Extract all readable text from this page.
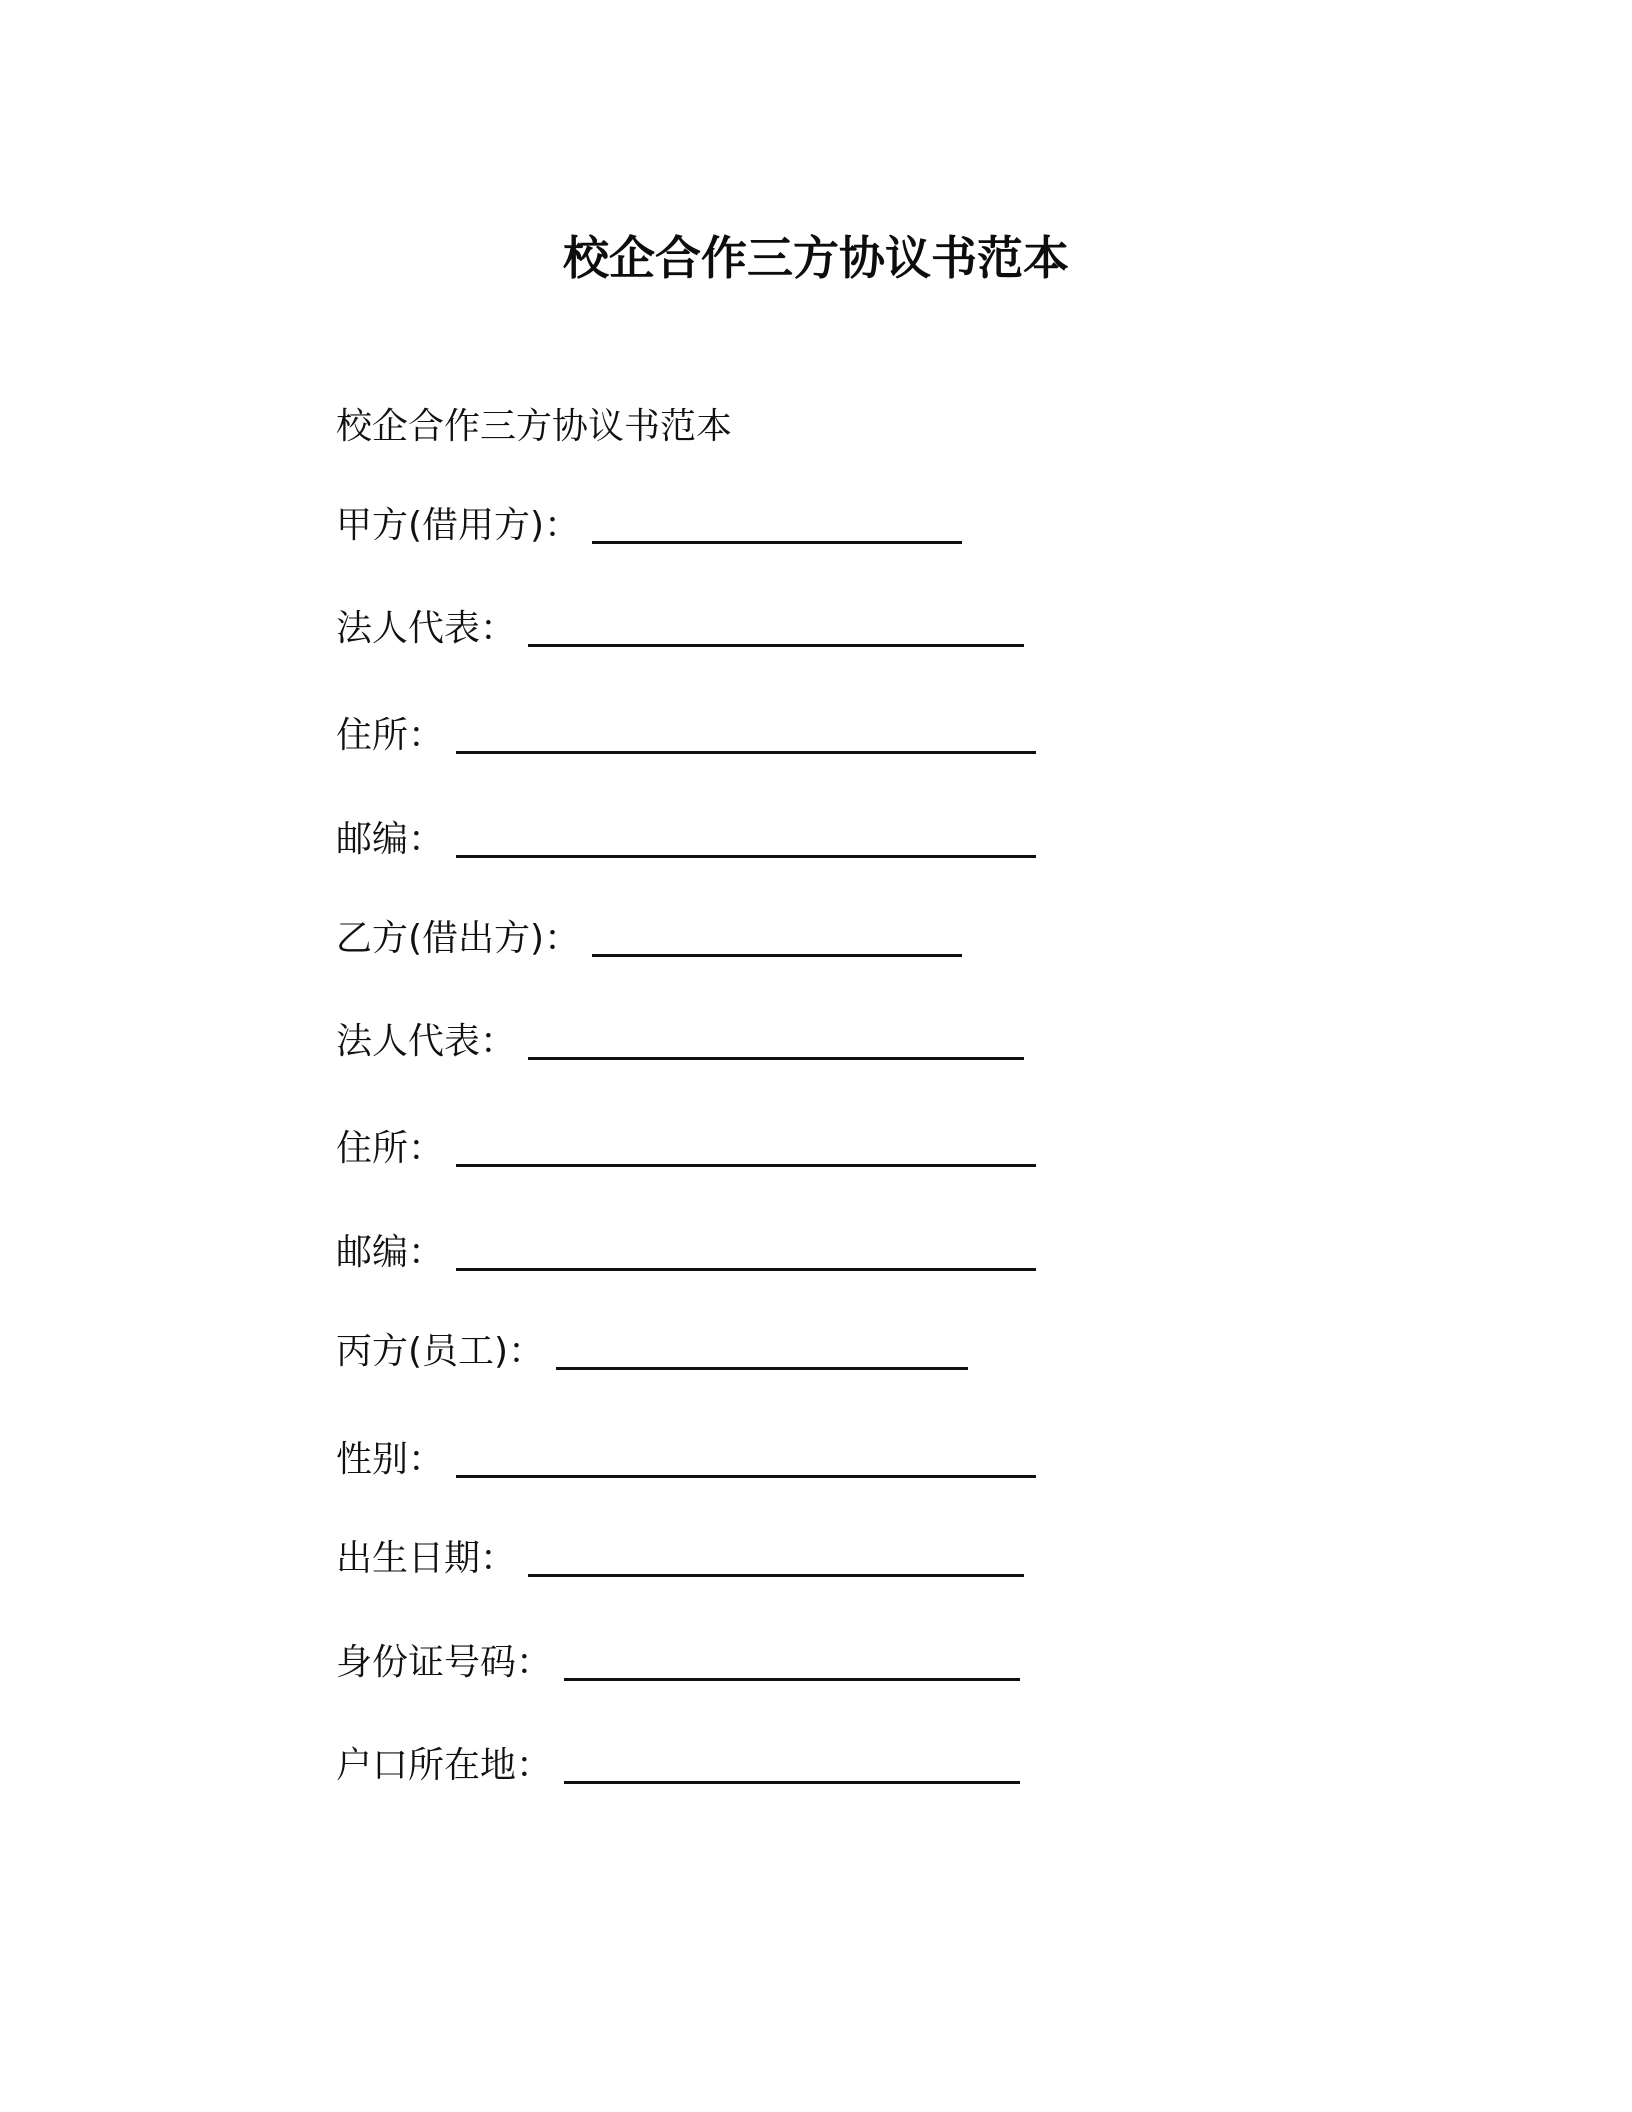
校企合作三方协议书范本
校企合作三方协议书范本
甲方(借用方)：
法人代表：
住所：
邮编：
乙方(借出方)：
法人代表：
住所：
邮编：
丙方(员工)：
性别：
出生日期：
身份证号码：
户口所在地：
